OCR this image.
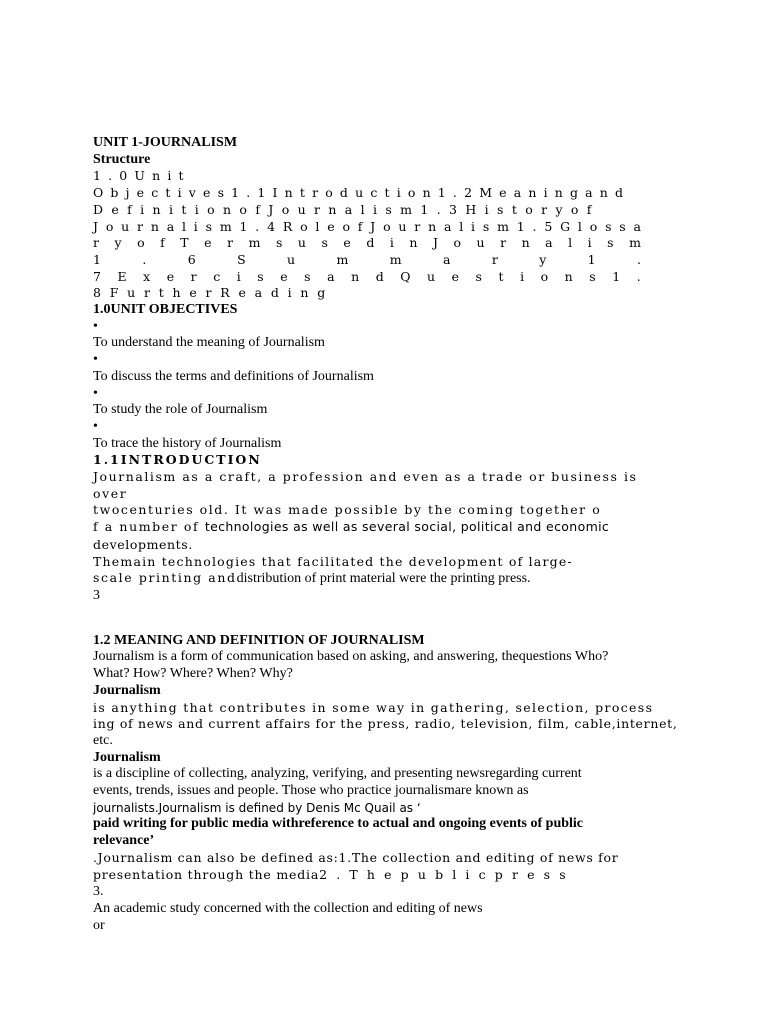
UNIT 1-JOURNALISM
Structure
1 . 0 U n i t
O b j e c t i v e s 1 . 1 I n t r o d u c t i o n 1 . 2 M e a n i n g a n d
D e f i n i t i o n o f J o u r n a l i s m 1 . 3 H i s t o r y o f
J o u r n a l i s m 1 . 4 R o l e o f J o u r n a l i s m 1 . 5 G l o s s a
r y o f T e r m s u s e d i n J o u r n a l i s m
1	.	6	S	u	m	m	a	r	y	1	.
7 E x e r c i s e s a n d Q u e s t i o n s 1 .
8 F u r t h e r R e a d i n g
1.0UNIT OBJECTIVES
•
To understand the meaning of Journalism
•
To discuss the terms and definitions of Journalism
•
To study the role of Journalism
•
To trace the history of Journalism
1.1INTRODUCTION
Journalism as a craft, a profession and even as a trade or business is
over
twocenturies old. It was made possible by the coming together o
f a number of technologies as well as several social, political and economic
developments.
Themain technologies that facilitated the development of large-
scale printing anddistribution of print material were the printing press.
3
1.2 MEANING AND DEFINITION OF JOURNALISM
Journalism is a form of communication based on asking, and answering, thequestions Who?
What? How? Where? When? Why?
Journalism
is anything that contributes in some way in gathering, selection, process
ing of news and current affairs for the press, radio, television, film, cable,internet,
etc.
Journalism
is a discipline of collecting, analyzing, verifying, and presenting newsregarding current
events, trends, issues and people. Those who practice journalismare known as
journalists.Journalism is defined by Denis Mc Quail as ‘
paid writing for public media withreference to actual and ongoing events of public
relevance’
.Journalism can also be defined as:1.The collection and editing of news for
presentation through the media2 . T h e p u b l i c p r e s s
3.
An academic study concerned with the collection and editing of news
or
